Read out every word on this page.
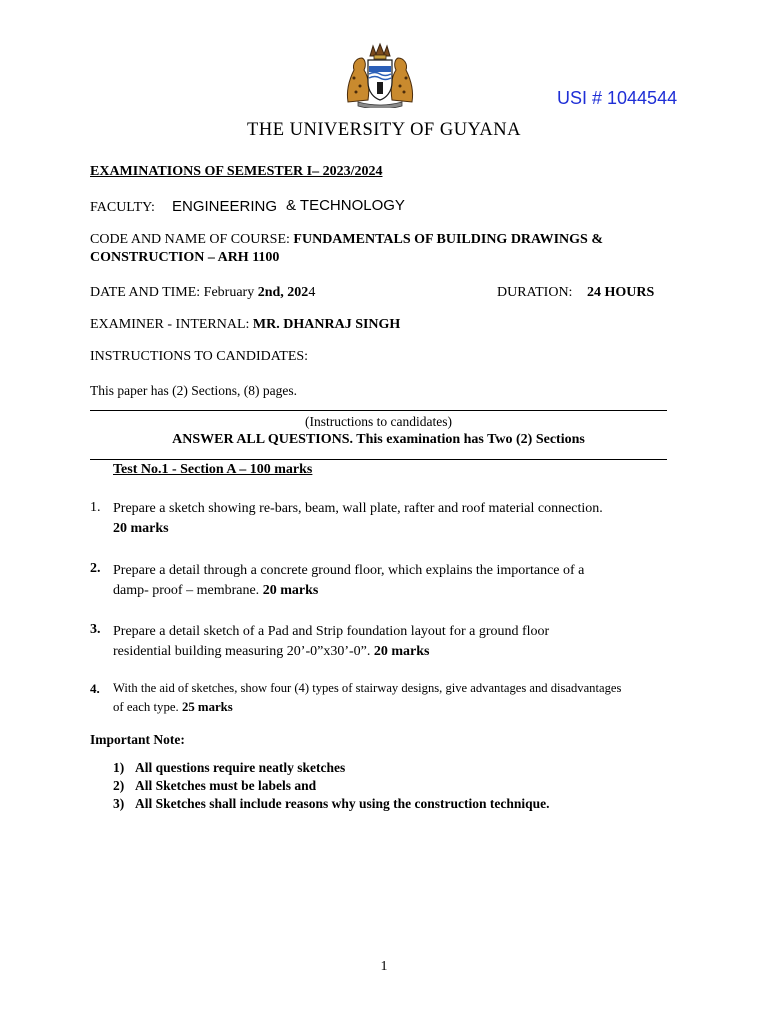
USI # 1044544
THE UNIVERSITY OF GUYANA
EXAMINATIONS OF SEMESTER I– 2023/2024
FACULTY: ENGINEERING & TECHNOLOGY
CODE AND NAME OF COURSE: FUNDAMENTALS OF BUILDING DRAWINGS &
CONSTRUCTION – ARH 1100
DATE AND TIME: February 2nd, 2024	DURATION: 24 HOURS
EXAMINER - INTERNAL: MR. DHANRAJ SINGH
INSTRUCTIONS TO CANDIDATES:
This paper has (2) Sections, (8) pages.
(Instructions to candidates)
ANSWER ALL QUESTIONS. This examination has Two (2) Sections
Test No.1 - Section A – 100 marks
1. Prepare a sketch showing re-bars, beam, wall plate, rafter and roof material connection.
20 marks
2. Prepare a detail through a concrete ground floor, which explains the importance of a
damp- proof – membrane. 20 marks
3. Prepare a detail sketch of a Pad and Strip foundation layout for a ground floor
residential building measuring 20’-0”x30’-0”. 20 marks
4. With the aid of sketches, show four (4) types of stairway designs, give advantages and disadvantages
of each type. 25 marks
Important Note:
1) All questions require neatly sketches
2) All Sketches must be labels and
3) All Sketches shall include reasons why using the construction technique.
1
